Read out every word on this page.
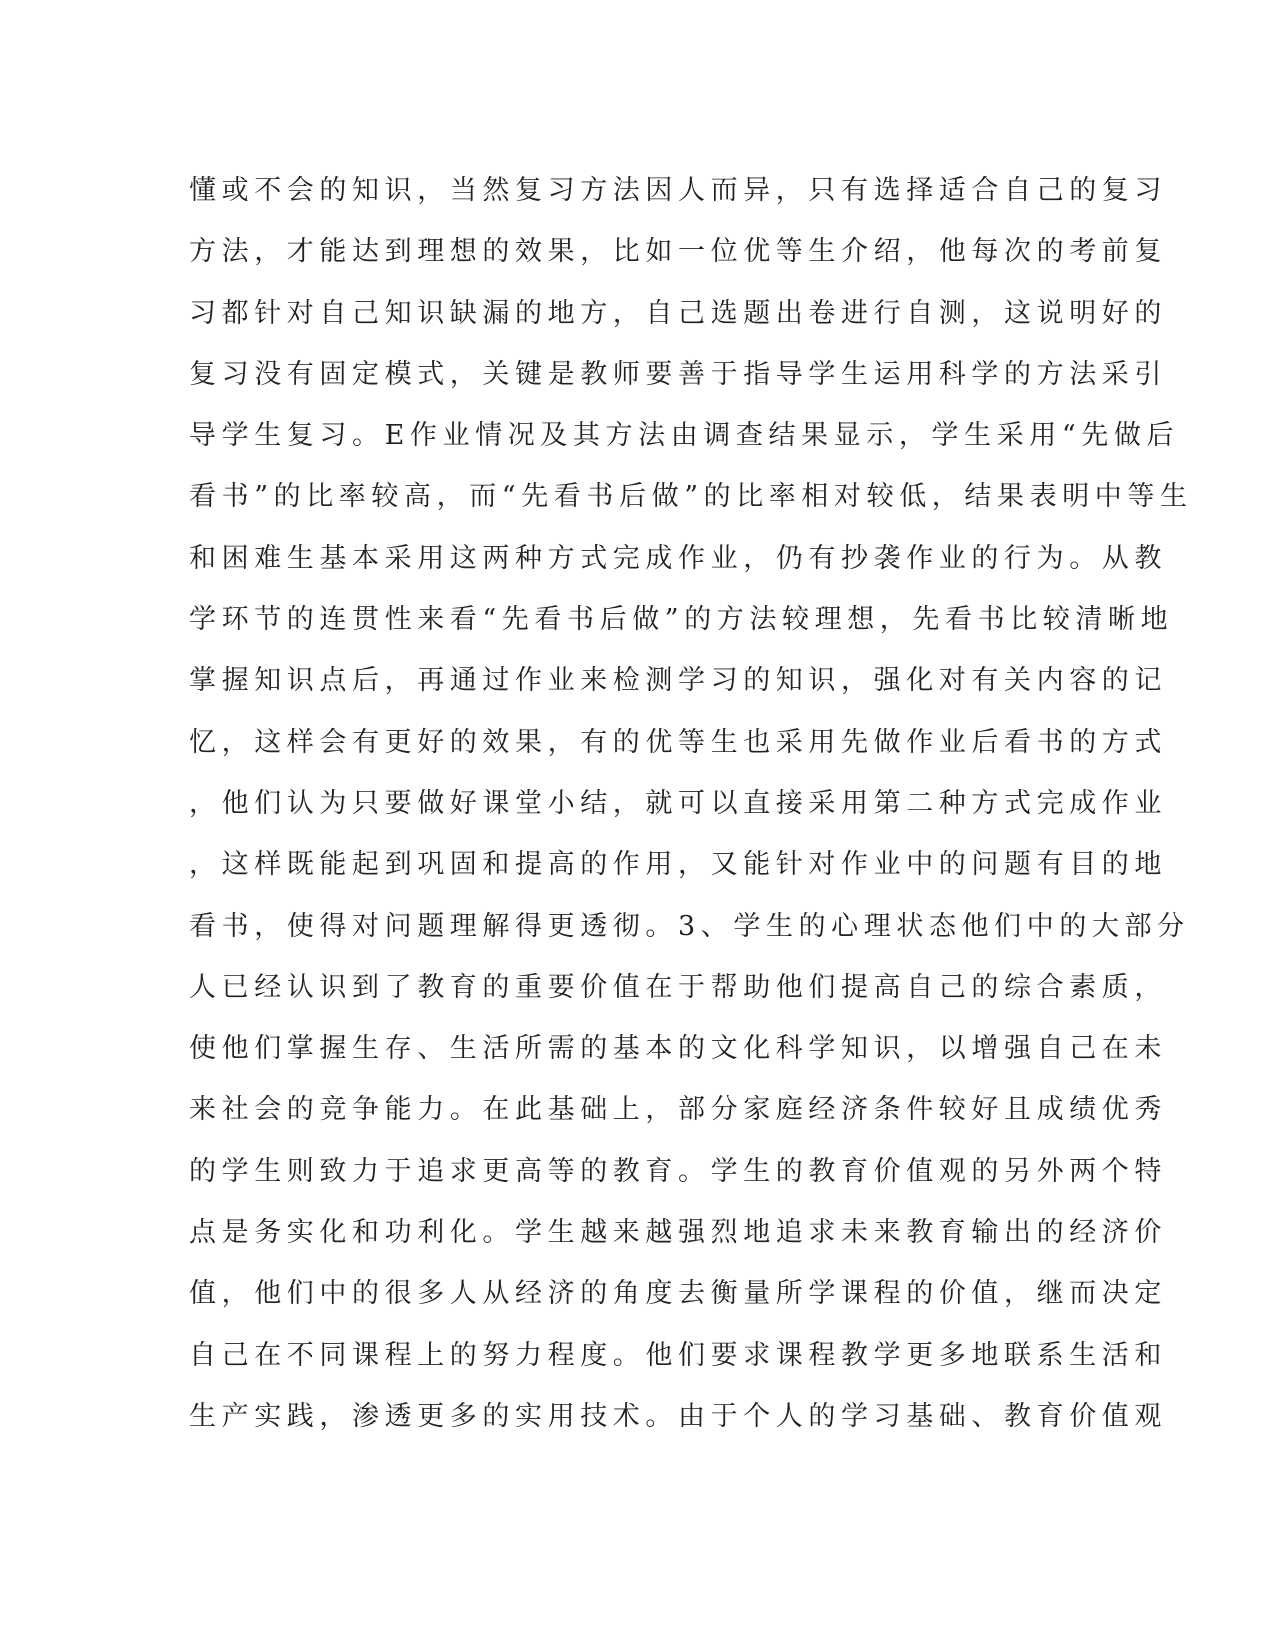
懂或不会的知识，当然复习方法因人而异，只有选择适合自己的复习
方法，才能达到理想的效果，比如一位优等生介绍，他每次的考前复
习都针对自己知识缺漏的地方，自己选题出卷进行自测，这说明好的
复习没有固定模式，关键是教师要善于指导学生运用科学的方法采引
导学生复习。E作业情况及其方法由调查结果显示，学生采用“先做后
看书”的比率较高，而“先看书后做”的比率相对较低，结果表明中等生
和困难生基本采用这两种方式完成作业，仍有抄袭作业的行为。从教
学环节的连贯性来看“先看书后做”的方法较理想，先看书比较清晰地
掌握知识点后，再通过作业来检测学习的知识，强化对有关内容的记
忆，这样会有更好的效果，有的优等生也采用先做作业后看书的方式
，他们认为只要做好课堂小结，就可以直接采用第二种方式完成作业
，这样既能起到巩固和提高的作用，又能针对作业中的问题有目的地
看书，使得对问题理解得更透彻。3、学生的心理状态他们中的大部分
人已经认识到了教育的重要价值在于帮助他们提高自己的综合素质，
使他们掌握生存、生活所需的基本的文化科学知识，以增强自己在未
来社会的竞争能力。在此基础上，部分家庭经济条件较好且成绩优秀
的学生则致力于追求更高等的教育。学生的教育价值观的另外两个特
点是务实化和功利化。学生越来越强烈地追求未来教育输出的经济价
值，他们中的很多人从经济的角度去衡量所学课程的价值，继而决定
自己在不同课程上的努力程度。他们要求课程教学更多地联系生活和
生产实践，渗透更多的实用技术。由于个人的学习基础、教育价值观
